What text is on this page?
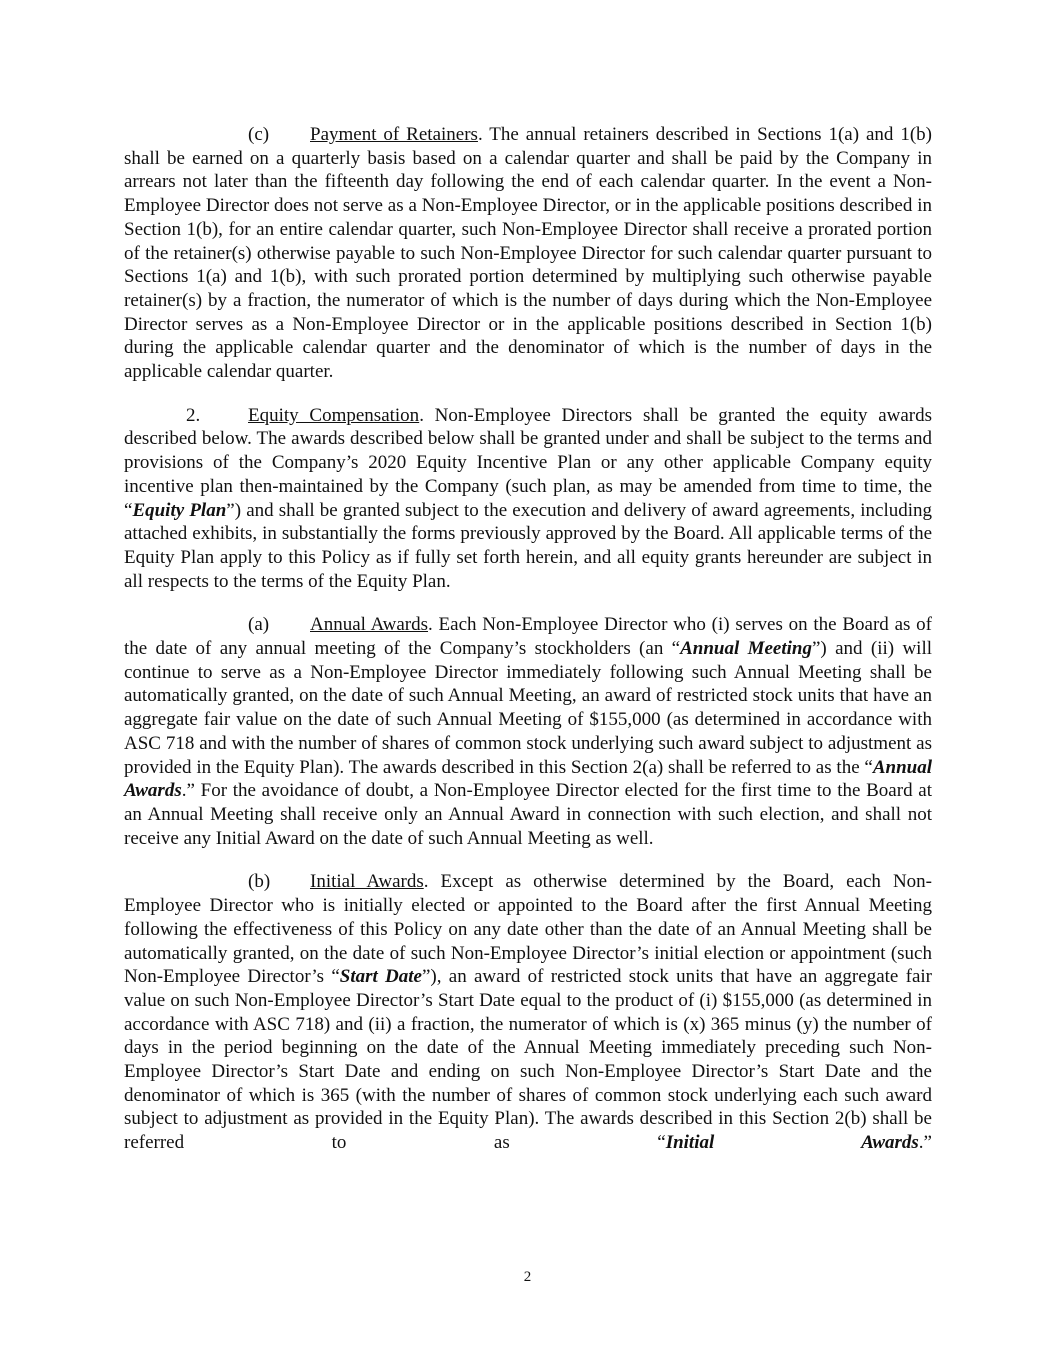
(c) Payment of Retainers. The annual retainers described in Sections 1(a) and 1(b) shall be earned on a quarterly basis based on a calendar quarter and shall be paid by the Company in arrears not later than the fifteenth day following the end of each calendar quarter. In the event a Non-Employee Director does not serve as a Non-Employee Director, or in the applicable positions described in Section 1(b), for an entire calendar quarter, such Non-Employee Director shall receive a prorated portion of the retainer(s) otherwise payable to such Non-Employee Director for such calendar quarter pursuant to Sections 1(a) and 1(b), with such prorated portion determined by multiplying such otherwise payable retainer(s) by a fraction, the numerator of which is the number of days during which the Non-Employee Director serves as a Non-Employee Director or in the applicable positions described in Section 1(b) during the applicable calendar quarter and the denominator of which is the number of days in the applicable calendar quarter.

2.	Equity Compensation. Non-Employee Directors shall be granted the equity awards described below. The awards described below shall be granted under and shall be subject to the terms and provisions of the Company’s 2020 Equity Incentive Plan or any other applicable Company equity incentive plan then-maintained by the Company (such plan, as may be amended from time to time, the “Equity Plan”) and shall be granted subject to the execution and delivery of award agreements, including attached exhibits, in substantially the forms previously approved by the Board. All applicable terms of the Equity Plan apply to this Policy as if fully set forth herein, and all equity grants hereunder are subject in all respects to the terms of the Equity Plan.

(a) Annual Awards. Each Non-Employee Director who (i) serves on the Board as of the date of any annual meeting of the Company’s stockholders (an “Annual Meeting”) and (ii) will continue to serve as a Non-Employee Director immediately following such Annual Meeting shall be automatically granted, on the date of such Annual Meeting, an award of restricted stock units that have an aggregate fair value on the date of such Annual Meeting of $155,000 (as determined in accordance with ASC 718 and with the number of shares of common stock underlying such award subject to adjustment as provided in the Equity Plan). The awards described in this Section 2(a) shall be referred to as the “Annual Awards.” For the avoidance of doubt, a Non-Employee Director elected for the first time to the Board at an Annual Meeting shall receive only an Annual Award in connection with such election, and shall not receive any Initial Award on the date of such Annual Meeting as well.

(b) Initial Awards. Except as otherwise determined by the Board, each Non-Employee Director who is initially elected or appointed to the Board after the first Annual Meeting following the effectiveness of this Policy on any date other than the date of an Annual Meeting shall be automatically granted, on the date of such Non-Employee Director’s initial election or appointment (such Non-Employee Director’s “Start Date”), an award of restricted stock units that have an aggregate fair value on such Non-Employee Director’s Start Date equal to the product of (i) $155,000 (as determined in accordance with ASC 718) and (ii) a fraction, the numerator of which is (x) 365 minus (y) the number of days in the period beginning on the date of the Annual Meeting immediately preceding such Non-Employee Director’s Start Date and ending on such Non-Employee Director’s Start Date and the denominator of which is 365 (with the number of shares of common stock underlying each such award subject to adjustment as provided in the Equity Plan). The awards described in this Section 2(b) shall be referred to as “Initial Awards.”

2
